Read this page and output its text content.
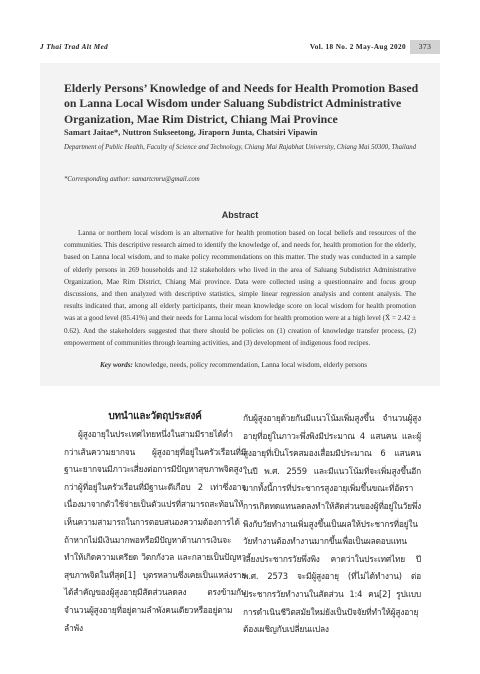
J Thai Trad Alt Med	Vol. 18 No. 2 May-Aug 2020	373
Elderly Persons’ Knowledge of and Needs for Health Promotion Based on Lanna Local Wisdom under Saluang Subdistrict Administrative Organization, Mae Rim District, Chiang Mai Province
Samart Jaitae*, Nuttron Sukseetong, Jiraporn Junta, Chatsiri Vipawin
Department of Public Health, Faculty of Science and Technology, Chiang Mai Rajabhat University, Chiang Mai 50300, Thailand
*Corresponding author: samartcmru@gmail.com
Abstract
Lanna or northern local wisdom is an alternative for health promotion based on local beliefs and resources of the communities. This descriptive research aimed to identify the knowledge of, and needs for, health promotion for the elderly, based on Lanna local wisdom, and to make policy recommendations on this matter. The study was conducted in a sample of elderly persons in 269 households and 12 stakeholders who lived in the area of Saluang Subdistrict Administrative Organization, Mae Rim District, Chiang Mai province. Data were collected using a questionnaire and focus group discussions, and then analyzed with descriptive statistics, simple linear regression analysis and content analysis. The results indicated that, among all elderly participants, their mean knowledge score on local wisdom for health promotion was at a good level (85.41%) and their needs for Lanna local wisdom for health promotion were at a high level (X̄ = 2.42 ± 0.62). And the stakeholders suggested that there should be policies on (1) creation of knowledge transfer process, (2) empowerment of communities through learning activities, and (3) development of indigenous food recipes.
Key words: knowledge, needs, policy recommendation, Lanna local wisdom, elderly persons
บทนำและวัตถุประสงค์
ผู้สูงอายุในประเทศไทยหนึ่งในสามมีรายได้ต่ำกว่าเส้นความยากจน ผู้สูงอายุที่อยู่ในครัวเรือนที่มีฐานะยากจนมีภาวะเสี่ยงต่อการมีปัญหาสุขภาพจิตสูงกว่าผู้ที่อยู่ในครัวเรือนที่มีฐานะดีเกือบ 2 เท่าซึ่งอาจเนื่องมาจากตัวใช้จ่ายเป็นตัวแปรที่สามารถสะท้อนให้เห็นความสามารถในการตอบสนองความต้องการได้ ถ้าหากไม่มีเงินมากพอหรือมีปัญหาด้านการเงินจะทำให้เกิดความเครียด วิตกกังวล และกลายเป็นปัญหาสุขภาพจิตในที่สุด[1] บุตรหลานซึ่งเคยเป็นแหล่งรายได้สำคัญของผู้สูงอายุมีสัดส่วนลดลง ตรงข้ามกับจำนวนผู้สูงอายุที่อยู่ตามลำพังคนเดียวหรืออยู่ตามลำพัง
กับผู้สูงอายุด้วยกันมีแนวโน้มเพิ่มสูงขึ้น จำนวนผู้สูงอายุที่อยู่ในภาวะพึ่งพิงมีประมาณ 4 แสนคน และผู้สูงอายุที่เป็นโรคสมองเสื่อมมีประมาณ 6 แสนคน ในปี พ.ศ. 2559 และมีแนวโน้มที่จะเพิ่มสูงขึ้นอีกมากทั้งนี้การที่ประชากรสูงอายุเพิ่มขึ้นขณะที่อัตราการเกิดทดแทนลดลงทำให้สัดส่วนของผู้ที่อยู่ในวัยพึ่งพิงกับวัยทำงานเพิ่มสูงขึ้นเป็นผลให้ประชากรที่อยู่ในวัยทำงานต้องทำงานมากขึ้นเพื่อเป็นผลตอบแทนเลี้ยงประชากรวัยพึ่งพิง คาดว่าในประเทศไทย ปี พ.ศ. 2573 จะมีผู้สูงอายุ (ที่ไม่ได้ทำงาน) ต่อประชากรวัยทำงานในสัดส่วน 1:4 คน[2] รูปแบบการดำเนินชีวิตสมัยใหม่ยังเป็นปัจจัยที่ทำให้ผู้สูงอายุต้องเผชิญกับเปลี่ยนแปลง
